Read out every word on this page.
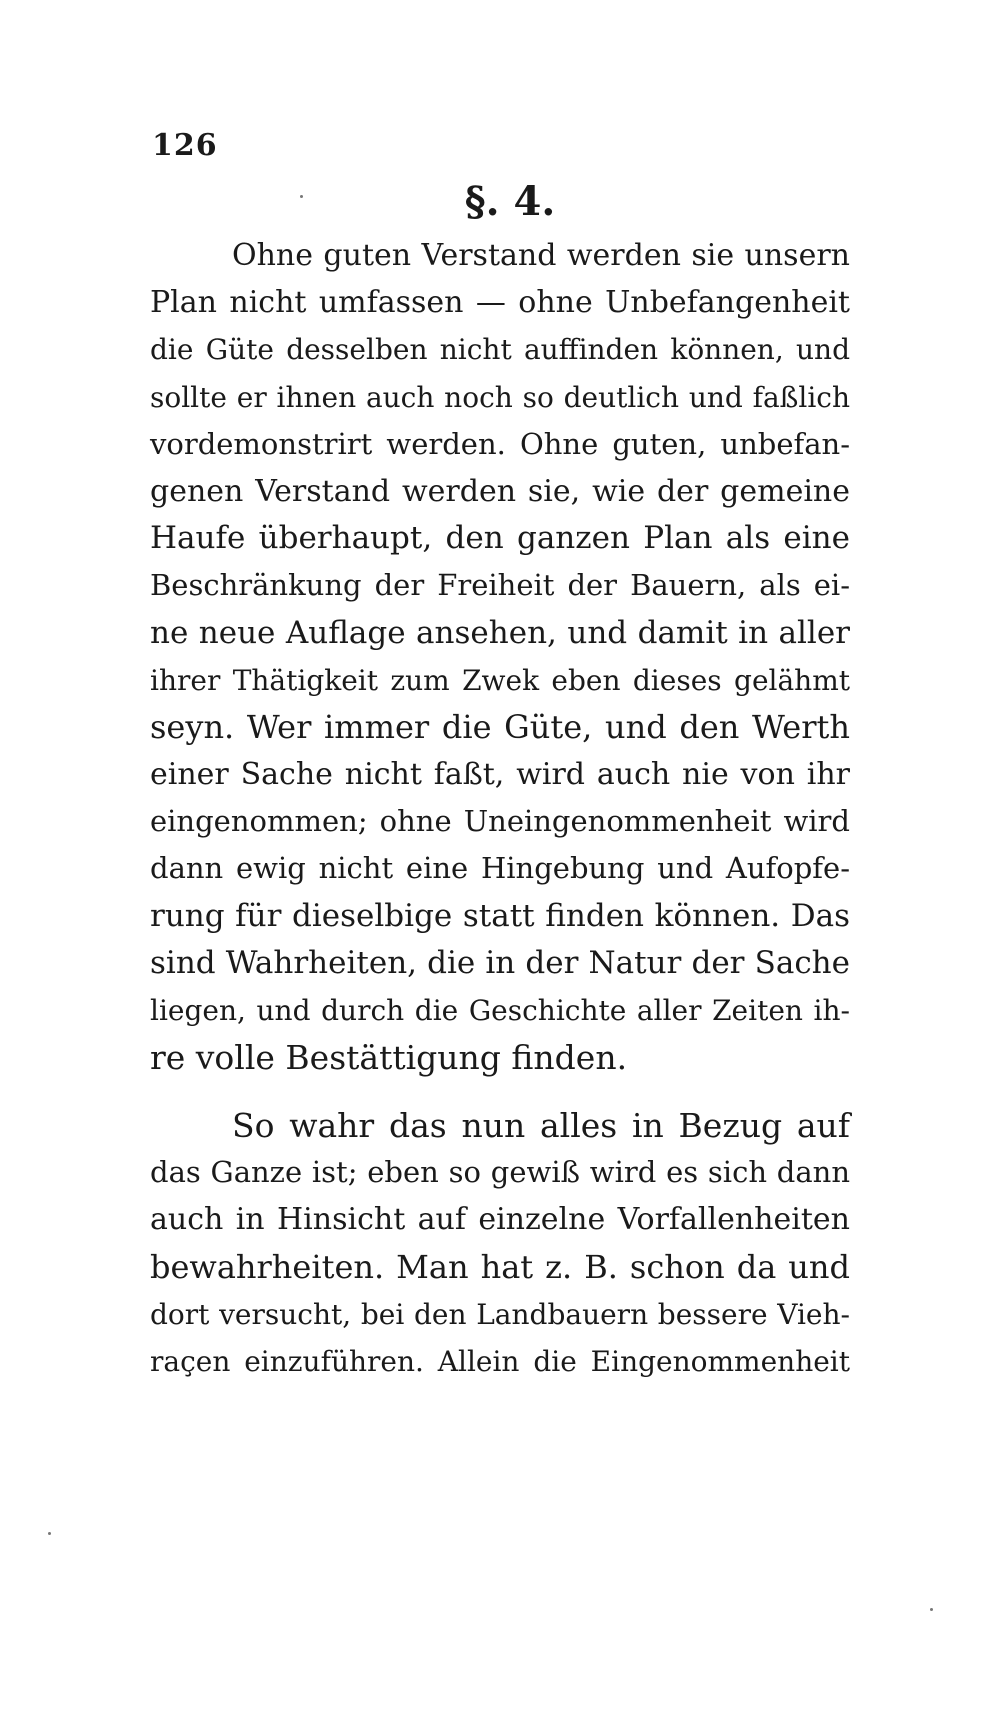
126
§. 4.
Ohne guten Verstand werden sie unsern
Plan nicht umfassen — ohne Unbefangenheit
die Güte desselben nicht auffinden können, und
sollte er ihnen auch noch so deutlich und faßlich
vordemonstrirt werden. Ohne guten, unbefan-
genen Verstand werden sie, wie der gemeine
Haufe überhaupt, den ganzen Plan als eine
Beschränkung der Freiheit der Bauern, als ei-
ne neue Auflage ansehen, und damit in aller
ihrer Thätigkeit zum Zwek eben dieses gelähmt
seyn. Wer immer die Güte, und den Werth
einer Sache nicht faßt, wird auch nie von ihr
eingenommen; ohne Uneingenommenheit wird
dann ewig nicht eine Hingebung und Aufopfe-
rung für dieselbige statt finden können. Das
sind Wahrheiten, die in der Natur der Sache
liegen, und durch die Geschichte aller Zeiten ih-
re volle Bestättigung finden.
So wahr das nun alles in Bezug auf
das Ganze ist; eben so gewiß wird es sich dann
auch in Hinsicht auf einzelne Vorfallenheiten
bewahrheiten. Man hat z. B. schon da und
dort versucht, bei den Landbauern bessere Vieh-
raçen einzuführen. Allein die Eingenommenheit
